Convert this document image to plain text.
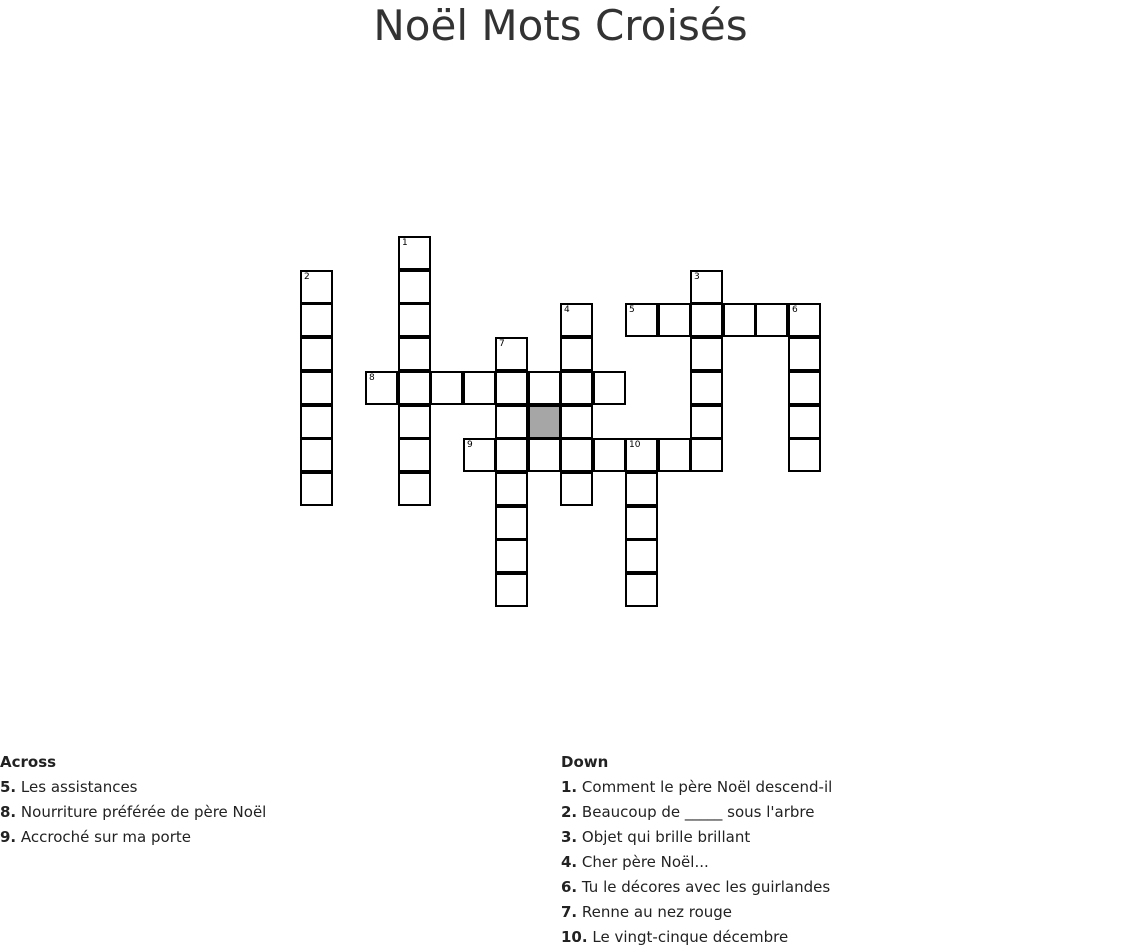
Noël Mots Croisés
2
1
8
7
4
9	10
5	6
3
Across
5. Les assistances
8. Nourriture préférée de père Noël
9. Accroché sur ma porte
Down
1. Comment le père Noël descend-il
2. Beaucoup de _____ sous l'arbre
3. Objet qui brille brillant
4. Cher père Noël...
6. Tu le décores avec les guirlandes
7. Renne au nez rouge
10. Le vingt-cinque décembre
